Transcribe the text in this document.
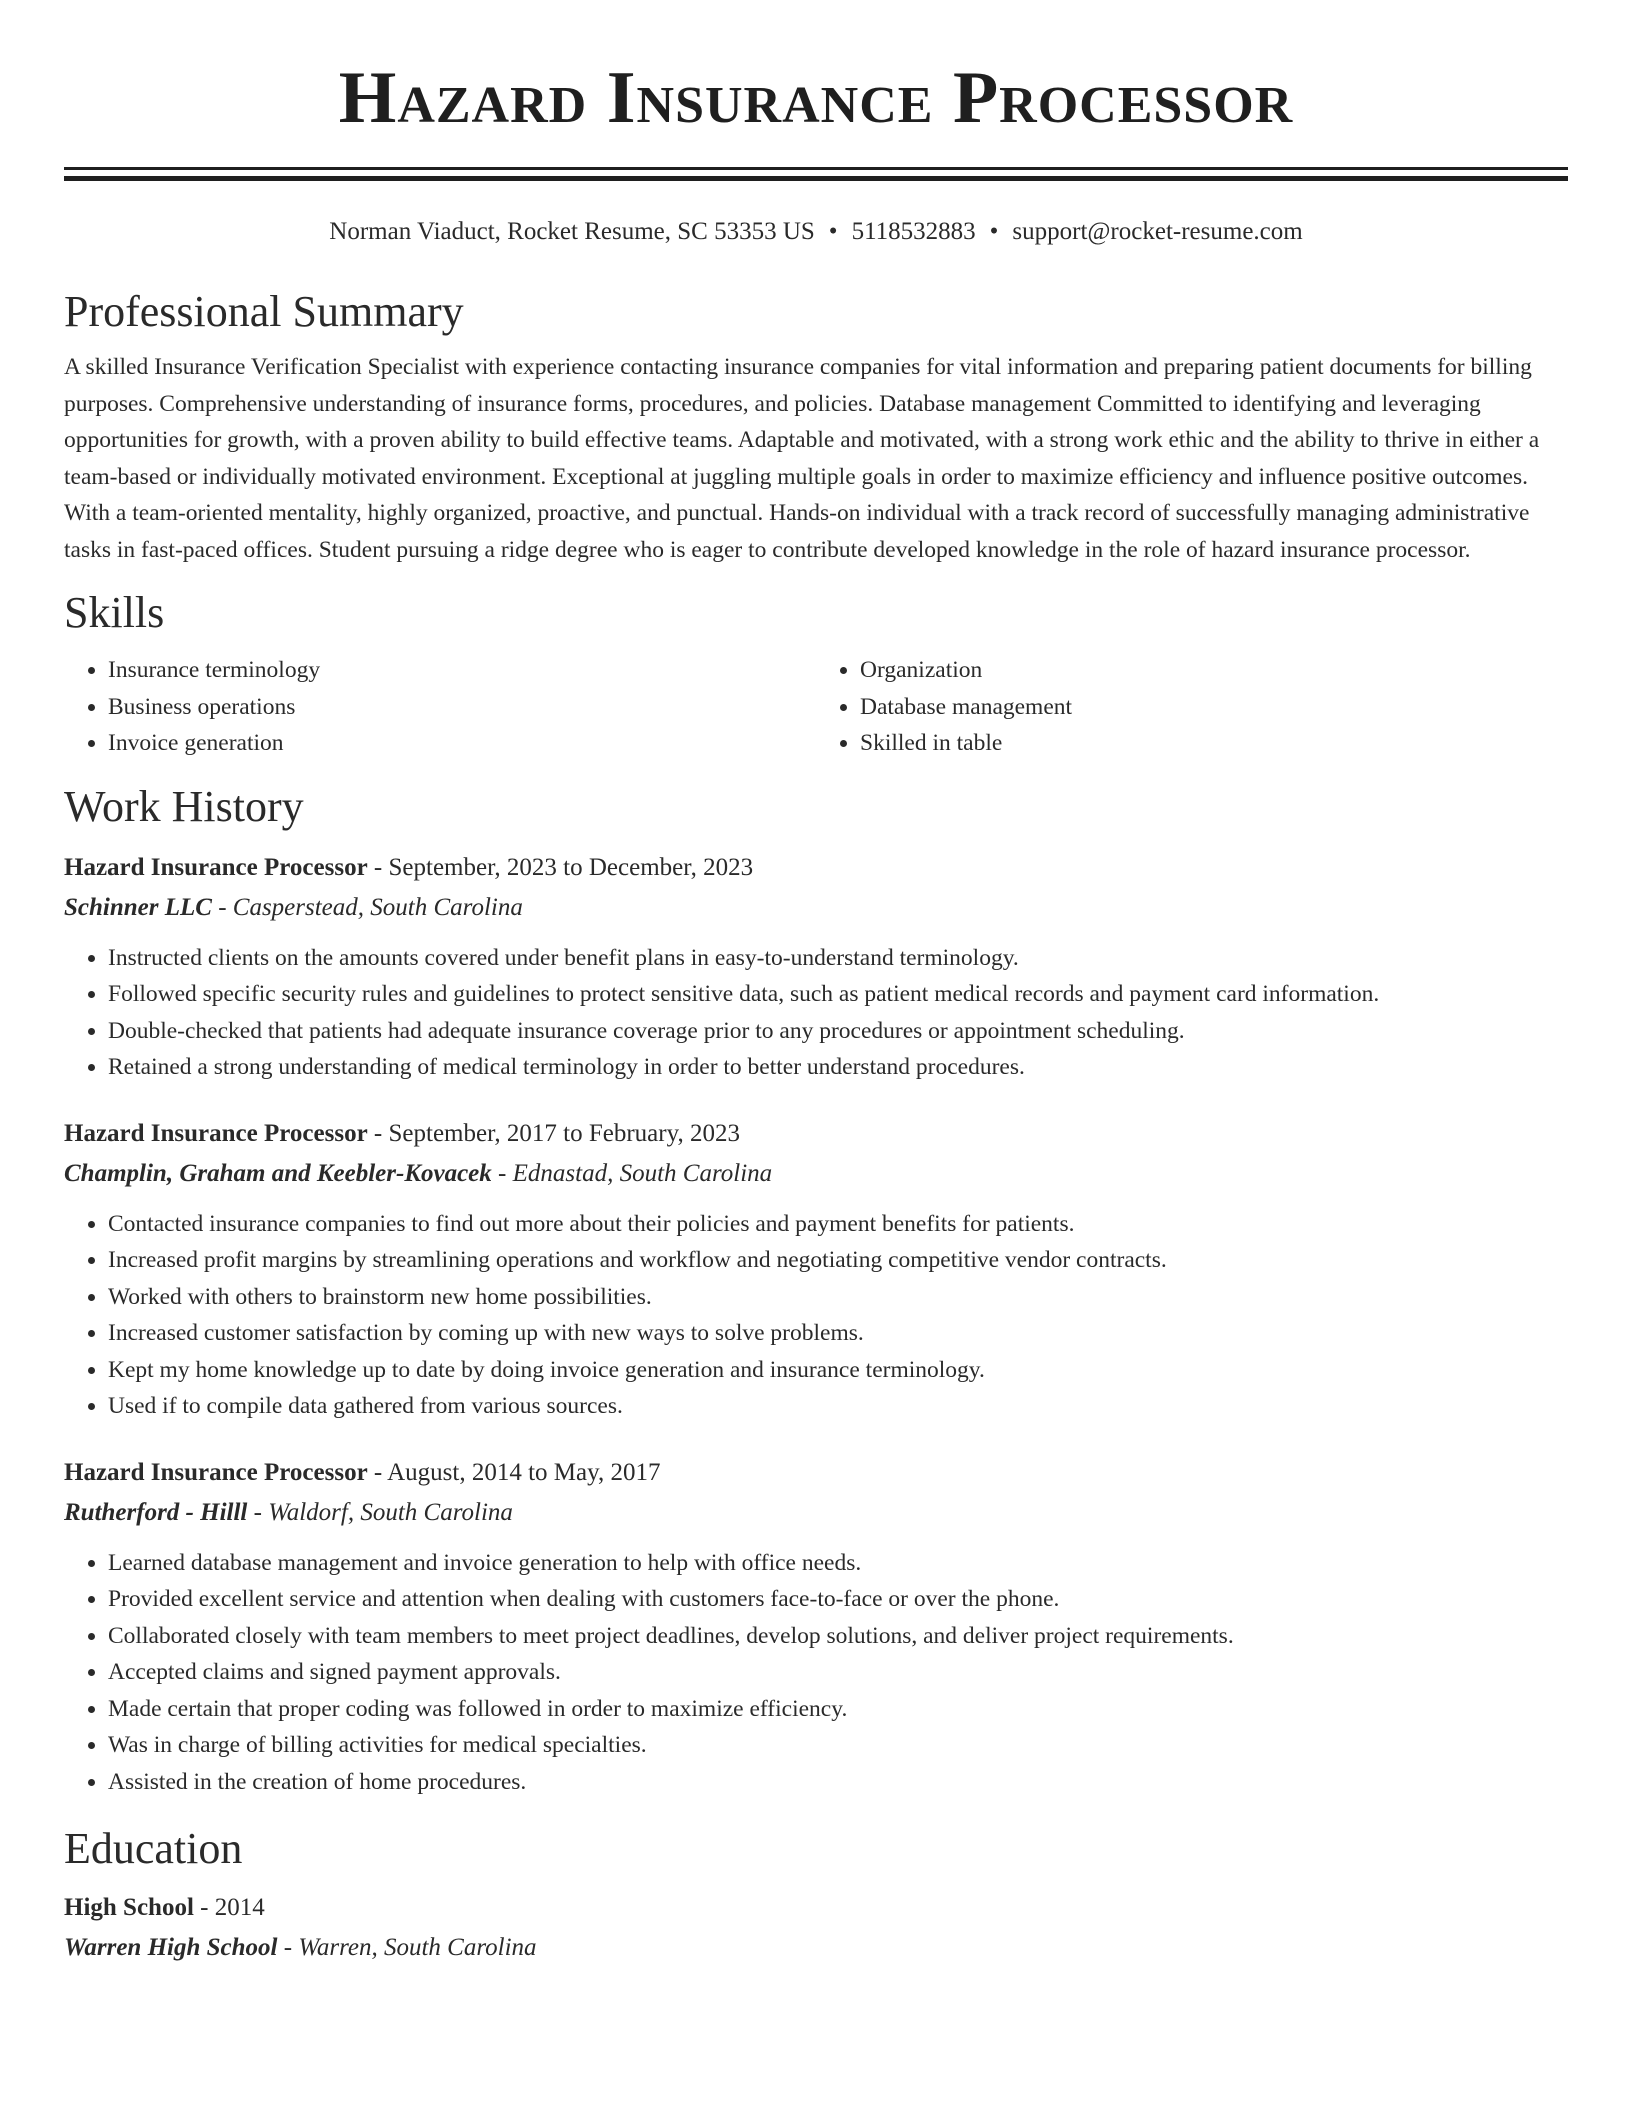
Hazard Insurance Processor
Norman Viaduct, Rocket Resume, SC 53353 US • 5118532883 • support@rocket-resume.com
Professional Summary
A skilled Insurance Verification Specialist with experience contacting insurance companies for vital information and preparing patient documents for billing purposes. Comprehensive understanding of insurance forms, procedures, and policies. Database management Committed to identifying and leveraging opportunities for growth, with a proven ability to build effective teams. Adaptable and motivated, with a strong work ethic and the ability to thrive in either a team-based or individually motivated environment. Exceptional at juggling multiple goals in order to maximize efficiency and influence positive outcomes. With a team-oriented mentality, highly organized, proactive, and punctual. Hands-on individual with a track record of successfully managing administrative tasks in fast-paced offices. Student pursuing a ridge degree who is eager to contribute developed knowledge in the role of hazard insurance processor.
Skills
• Insurance terminology
• Business operations
• Invoice generation
• Organization
• Database management
• Skilled in table
Work History
Hazard Insurance Processor - September, 2023 to December, 2023
Schinner LLC - Casperstead, South Carolina
• Instructed clients on the amounts covered under benefit plans in easy-to-understand terminology.
• Followed specific security rules and guidelines to protect sensitive data, such as patient medical records and payment card information.
• Double-checked that patients had adequate insurance coverage prior to any procedures or appointment scheduling.
• Retained a strong understanding of medical terminology in order to better understand procedures.
Hazard Insurance Processor - September, 2017 to February, 2023
Champlin, Graham and Keebler-Kovacek - Ednastad, South Carolina
• Contacted insurance companies to find out more about their policies and payment benefits for patients.
• Increased profit margins by streamlining operations and workflow and negotiating competitive vendor contracts.
• Worked with others to brainstorm new home possibilities.
• Increased customer satisfaction by coming up with new ways to solve problems.
• Kept my home knowledge up to date by doing invoice generation and insurance terminology.
• Used if to compile data gathered from various sources.
Hazard Insurance Processor - August, 2014 to May, 2017
Rutherford - Hilll - Waldorf, South Carolina
• Learned database management and invoice generation to help with office needs.
• Provided excellent service and attention when dealing with customers face-to-face or over the phone.
• Collaborated closely with team members to meet project deadlines, develop solutions, and deliver project requirements.
• Accepted claims and signed payment approvals.
• Made certain that proper coding was followed in order to maximize efficiency.
• Was in charge of billing activities for medical specialties.
• Assisted in the creation of home procedures.
Education
High School - 2014
Warren High School - Warren, South Carolina
